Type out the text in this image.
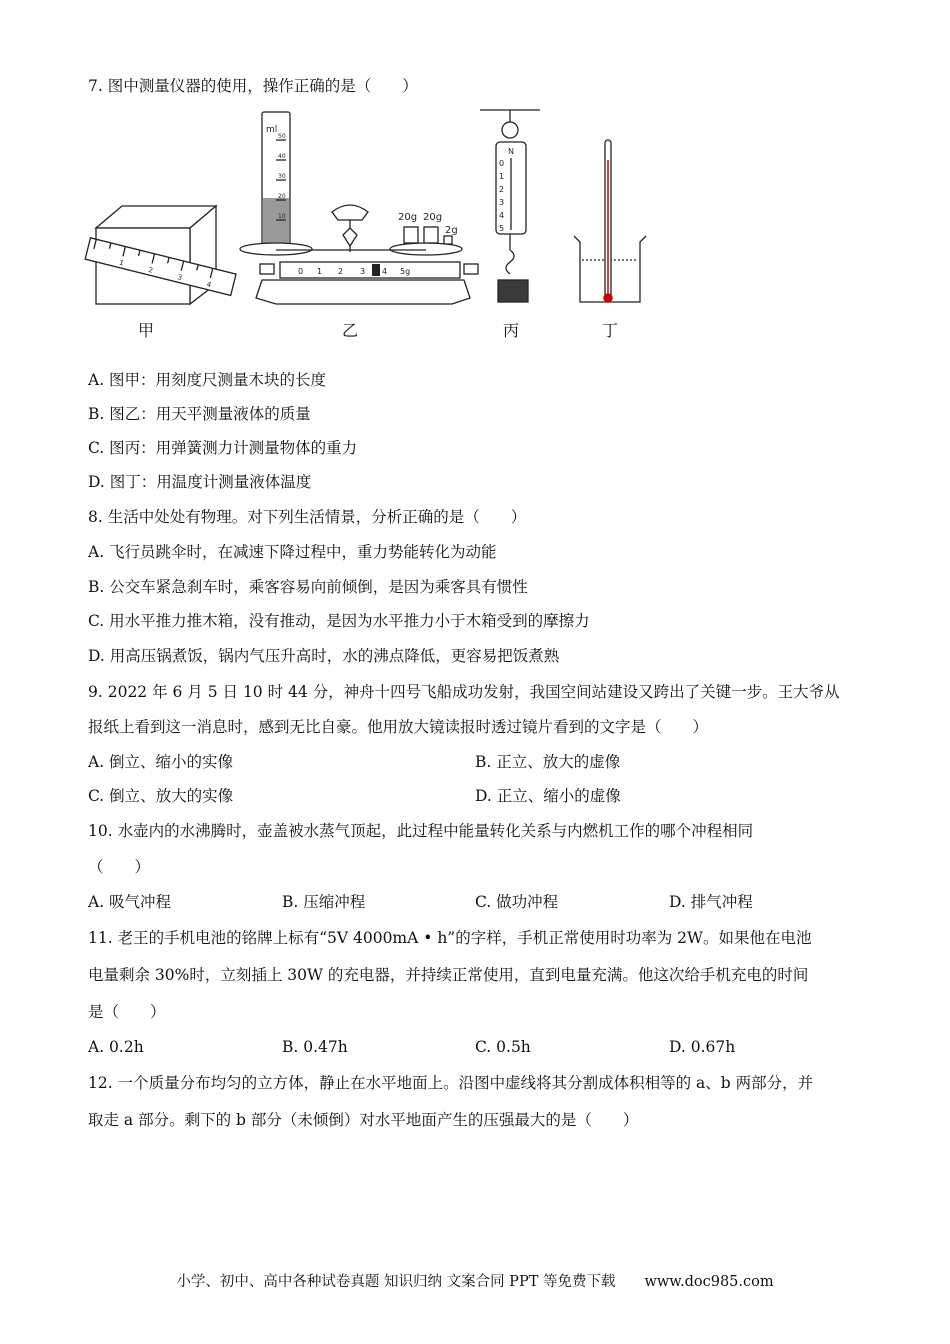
7. 图中测量仪器的使用，操作正确的是（　　）
1
2
3
4
ml
50
40
30
20
10
0 1 2 3 4 5g
20g 20g
2g
N
0
1
2
3
4
5
甲	乙	丙	丁
A. 图甲：用刻度尺测量木块的长度
B. 图乙：用天平测量液体的质量
C. 图丙：用弹簧测力计测量物体的重力
D. 图丁：用温度计测量液体温度
8. 生活中处处有物理。对下列生活情景，分析正确的是（　　）
A. 飞行员跳伞时，在减速下降过程中，重力势能转化为动能
B. 公交车紧急刹车时，乘客容易向前倾倒，是因为乘客具有惯性
C. 用水平推力推木箱，没有推动，是因为水平推力小于木箱受到的摩擦力
D. 用高压锅煮饭，锅内气压升高时，水的沸点降低，更容易把饭煮熟
9. 2022 年 6 月 5 日 10 时 44 分，神舟十四号飞船成功发射，我国空间站建设又跨出了关键一步。王大爷从
报纸上看到这一消息时，感到无比自豪。他用放大镜读报时透过镜片看到的文字是（　　）
A. 倒立、缩小的实像	B. 正立、放大的虚像
C. 倒立、放大的实像	D. 正立、缩小的虚像
10. 水壶内的水沸腾时，壶盖被水蒸气顶起，此过程中能量转化关系与内燃机工作的哪个冲程相同
（　　）
A. 吸气冲程	B. 压缩冲程	C. 做功冲程	D. 排气冲程
11. 老王的手机电池的铭牌上标有“5V 4000mA • h”的字样，手机正常使用时功率为 2W。如果他在电池
电量剩余 30%时，立刻插上 30W 的充电器，并持续正常使用，直到电量充满。他这次给手机充电的时间
是（　　）
A. 0.2h	B. 0.47h	C. 0.5h	D. 0.67h
12. 一个质量分布均匀的立方体，静止在水平地面上。沿图中虚线将其分割成体积相等的 a、b 两部分，并
取走 a 部分。剩下的 b 部分（未倾倒）对水平地面产生的压强最大的是（　　）
小学、初中、高中各种试卷真题 知识归纳 文案合同 PPT 等免费下载　　www.doc985.com
